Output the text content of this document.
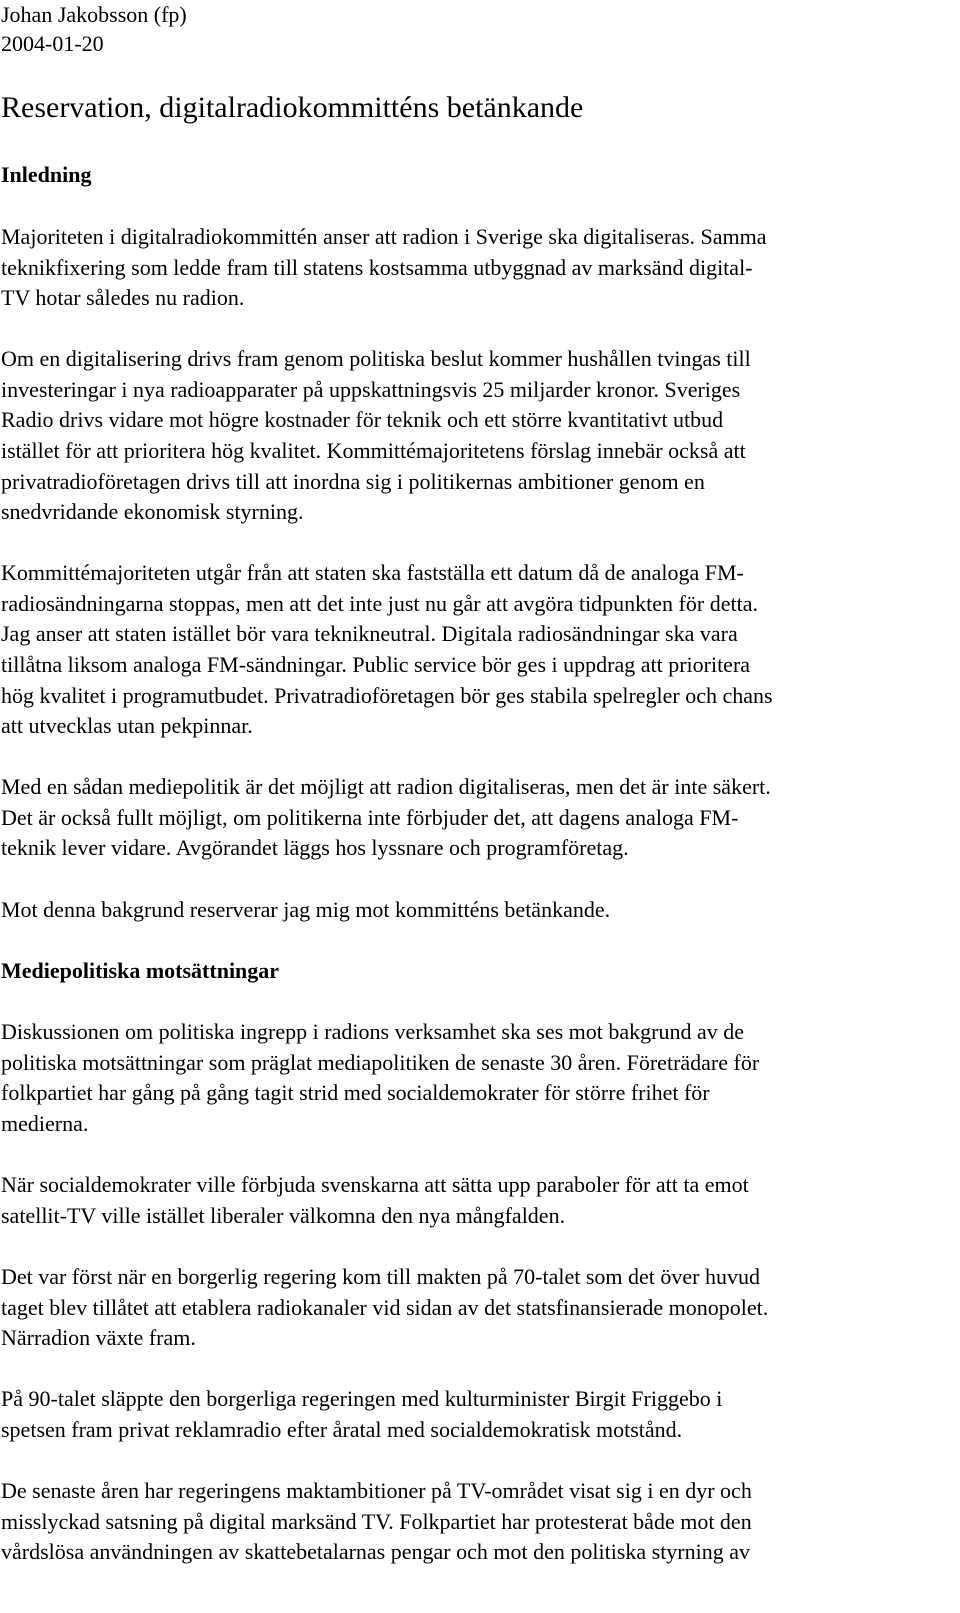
Johan Jakobsson (fp)
2004-01-20
Reservation, digitalradiokommitténs betänkande
Inledning

Majoriteten i digitalradiokommittén anser att radion i Sverige ska digitaliseras. Samma
teknikfixering som ledde fram till statens kostsamma utbyggnad av marksänd digital-
TV hotar således nu radion.

Om en digitalisering drivs fram genom politiska beslut kommer hushållen tvingas till
investeringar i nya radioapparater på uppskattningsvis 25 miljarder kronor. Sveriges
Radio drivs vidare mot högre kostnader för teknik och ett större kvantitativt utbud
istället för att prioritera hög kvalitet. Kommittémajoritetens förslag innebär också att
privatradioföretagen drivs till att inordna sig i politikernas ambitioner genom en
snedvridande ekonomisk styrning.

Kommittémajoriteten utgår från att staten ska fastställa ett datum då de analoga FM-
radiosändningarna stoppas, men att det inte just nu går att avgöra tidpunkten för detta.
Jag anser att staten istället bör vara teknikneutral. Digitala radiosändningar ska vara
tillåtna liksom analoga FM-sändningar. Public service bör ges i uppdrag att prioritera
hög kvalitet i programutbudet. Privatradioföretagen bör ges stabila spelregler och chans
att utvecklas utan pekpinnar.

Med en sådan mediepolitik är det möjligt att radion digitaliseras, men det är inte säkert.
Det är också fullt möjligt, om politikerna inte förbjuder det, att dagens analoga FM-
teknik lever vidare. Avgörandet läggs hos lyssnare och programföretag.

Mot denna bakgrund reserverar jag mig mot kommitténs betänkande.

Mediepolitiska motsättningar

Diskussionen om politiska ingrepp i radions verksamhet ska ses mot bakgrund av de
politiska motsättningar som präglat mediapolitiken de senaste 30 åren. Företrädare för
folkpartiet har gång på gång tagit strid med socialdemokrater för större frihet för
medierna.

När socialdemokrater ville förbjuda svenskarna att sätta upp paraboler för att ta emot
satellit-TV ville istället liberaler välkomna den nya mångfalden.

Det var först när en borgerlig regering kom till makten på 70-talet som det över huvud
taget blev tillåtet att etablera radiokanaler vid sidan av det statsfinansierade monopolet.
Närradion växte fram.

På 90-talet släppte den borgerliga regeringen med kulturminister Birgit Friggebo i
spetsen fram privat reklamradio efter åratal med socialdemokratisk motstånd.

De senaste åren har regeringens maktambitioner på TV-området visat sig i en dyr och
misslyckad satsning på digital marksänd TV. Folkpartiet har protesterat både mot den
vårdslösa användningen av skattebetalarnas pengar och mot den politiska styrning av
